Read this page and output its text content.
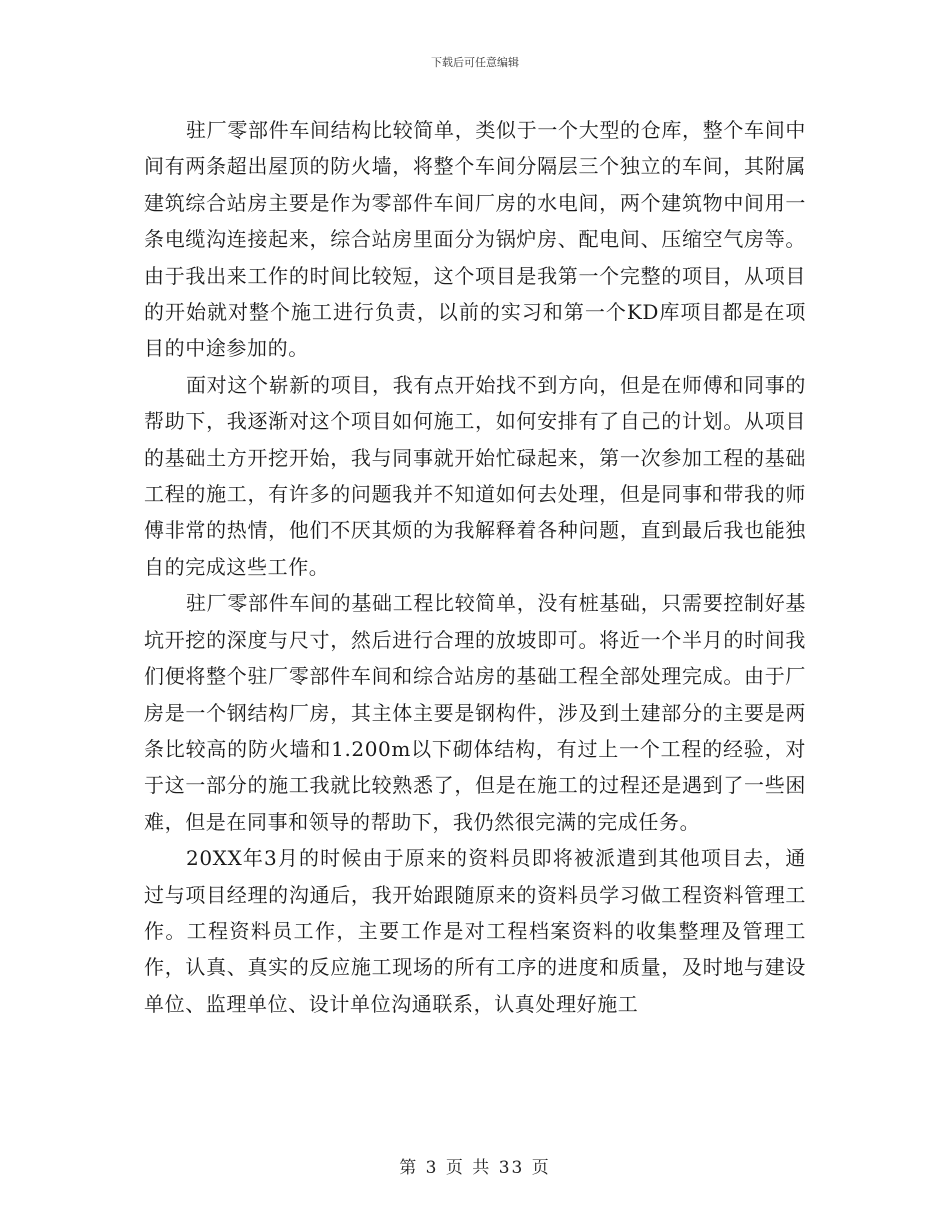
下载后可任意编辑

驻厂零部件车间结构比较简单，类似于一个大型的仓库，整个车间中间有两条超出屋顶的防火墙，将整个车间分隔层三个独立的车间，其附属建筑综合站房主要是作为零部件车间厂房的水电间，两个建筑物中间用一条电缆沟连接起来，综合站房里面分为锅炉房、配电间、压缩空气房等。由于我出来工作的时间比较短，这个项目是我第一个完整的项目，从项目的开始就对整个施工进行负责，以前的实习和第一个KD库项目都是在项目的中途参加的。

面对这个崭新的项目，我有点开始找不到方向，但是在师傅和同事的帮助下，我逐渐对这个项目如何施工，如何安排有了自己的计划。从项目的基础土方开挖开始，我与同事就开始忙碌起来，第一次参加工程的基础工程的施工，有许多的问题我并不知道如何去处理，但是同事和带我的师傅非常的热情，他们不厌其烦的为我解释着各种问题，直到最后我也能独自的完成这些工作。

驻厂零部件车间的基础工程比较简单，没有桩基础，只需要控制好基坑开挖的深度与尺寸，然后进行合理的放坡即可。将近一个半月的时间我们便将整个驻厂零部件车间和综合站房的基础工程全部处理完成。由于厂房是一个钢结构厂房，其主体主要是钢构件，涉及到土建部分的主要是两条比较高的防火墙和1.200m以下砌体结构，有过上一个工程的经验，对于这一部分的施工我就比较熟悉了，但是在施工的过程还是遇到了一些困难，但是在同事和领导的帮助下，我仍然很完满的完成任务。

20XX年3月的时候由于原来的资料员即将被派遣到其他项目去，通过与项目经理的沟通后，我开始跟随原来的资料员学习做工程资料管理工作。工程资料员工作，主要工作是对工程档案资料的收集整理及管理工作，认真、真实的反应施工现场的所有工序的进度和质量，及时地与建设单位、监理单位、设计单位沟通联系，认真处理好施工

第 3 页 共 33 页
